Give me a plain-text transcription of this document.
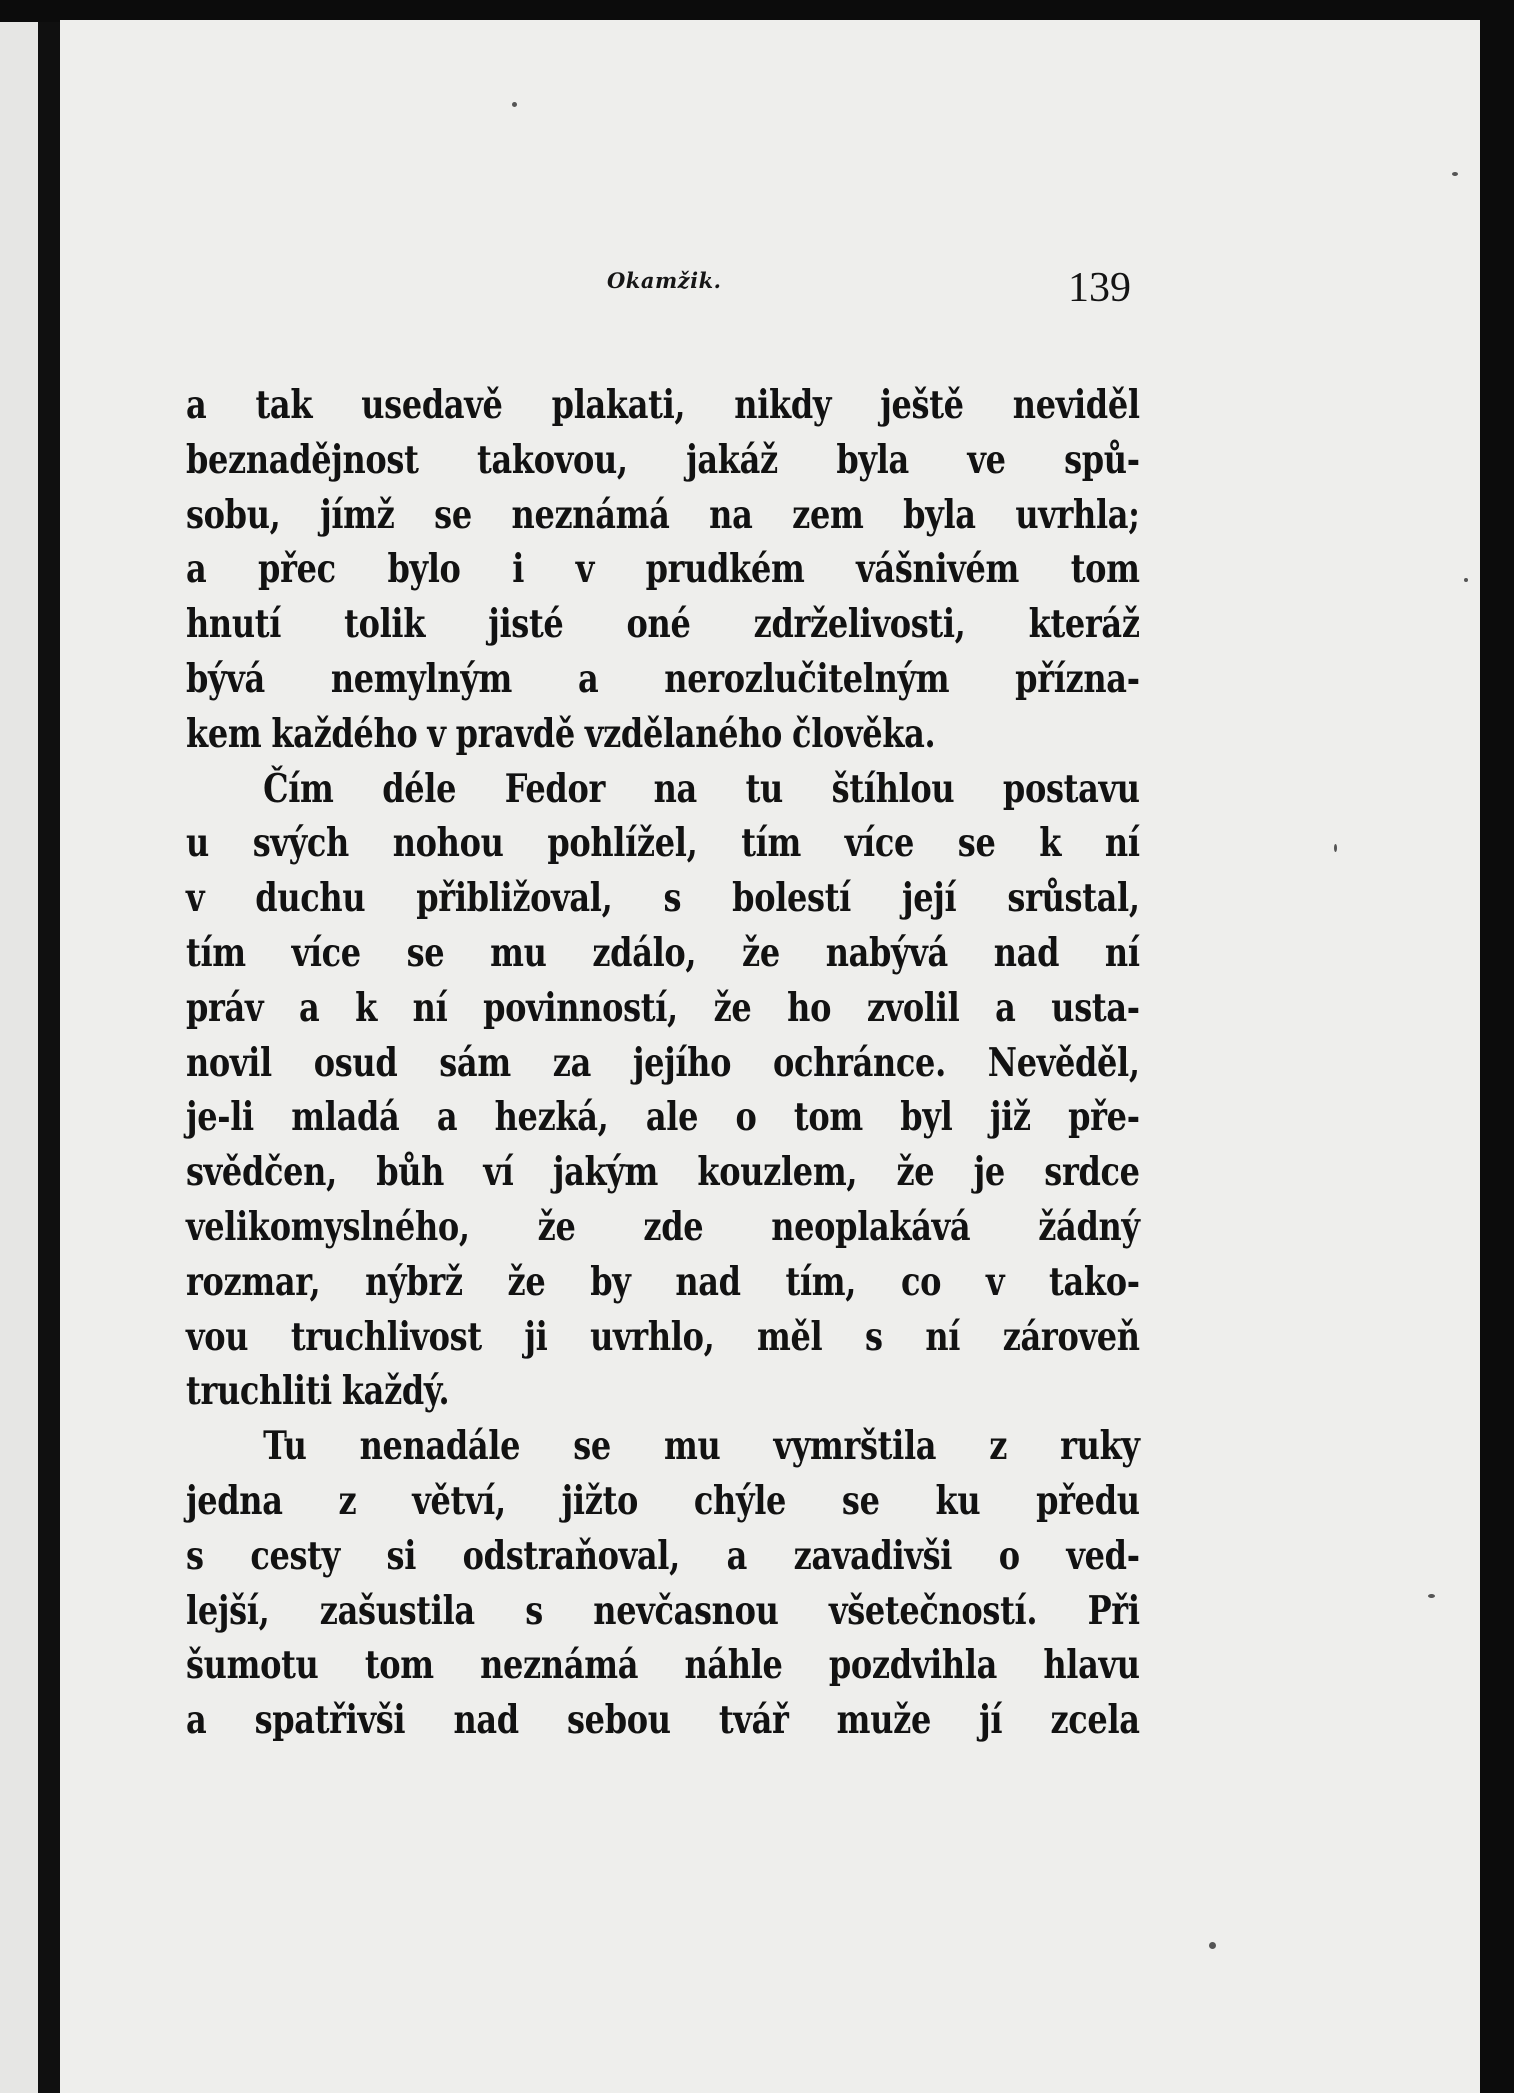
Okamžik.	139
a tak usedavě plakati, nikdy ještě neviděl
beznadějnost takovou, jakáž byla ve spů-
sobu, jímž se neznámá na zem byla uvrhla;
a přec bylo i v prudkém vášnivém tom
hnutí tolik jisté oné zdrželivosti, kteráž
bývá nemylným a nerozlučitelným přízna-
kem každého v pravdě vzdělaného člověka.
Čím déle Fedor na tu štíhlou postavu
u svých nohou pohlížel, tím více se k ní
v duchu přibližoval, s bolestí její srůstal,
tím více se mu zdálo, že nabývá nad ní
práv a k ní povinností, že ho zvolil a usta-
novil osud sám za jejího ochránce. Nevěděl,
je-li mladá a hezká, ale o tom byl již pře-
svědčen, bůh ví jakým kouzlem, že je srdce
velikomyslného, že zde neoplakává žádný
rozmar, nýbrž že by nad tím, co v tako-
vou truchlivost ji uvrhlo, měl s ní zároveň
truchliti každý.
Tu nenadále se mu vymrštila z ruky
jedna z větví, jižto chýle se ku předu
s cesty si odstraňoval, a zavadivši o ved-
lejší, zašustila s nevčasnou všetečností. Při
šumotu tom neznámá náhle pozdvihla hlavu
a spatřivši nad sebou tvář muže jí zcela
